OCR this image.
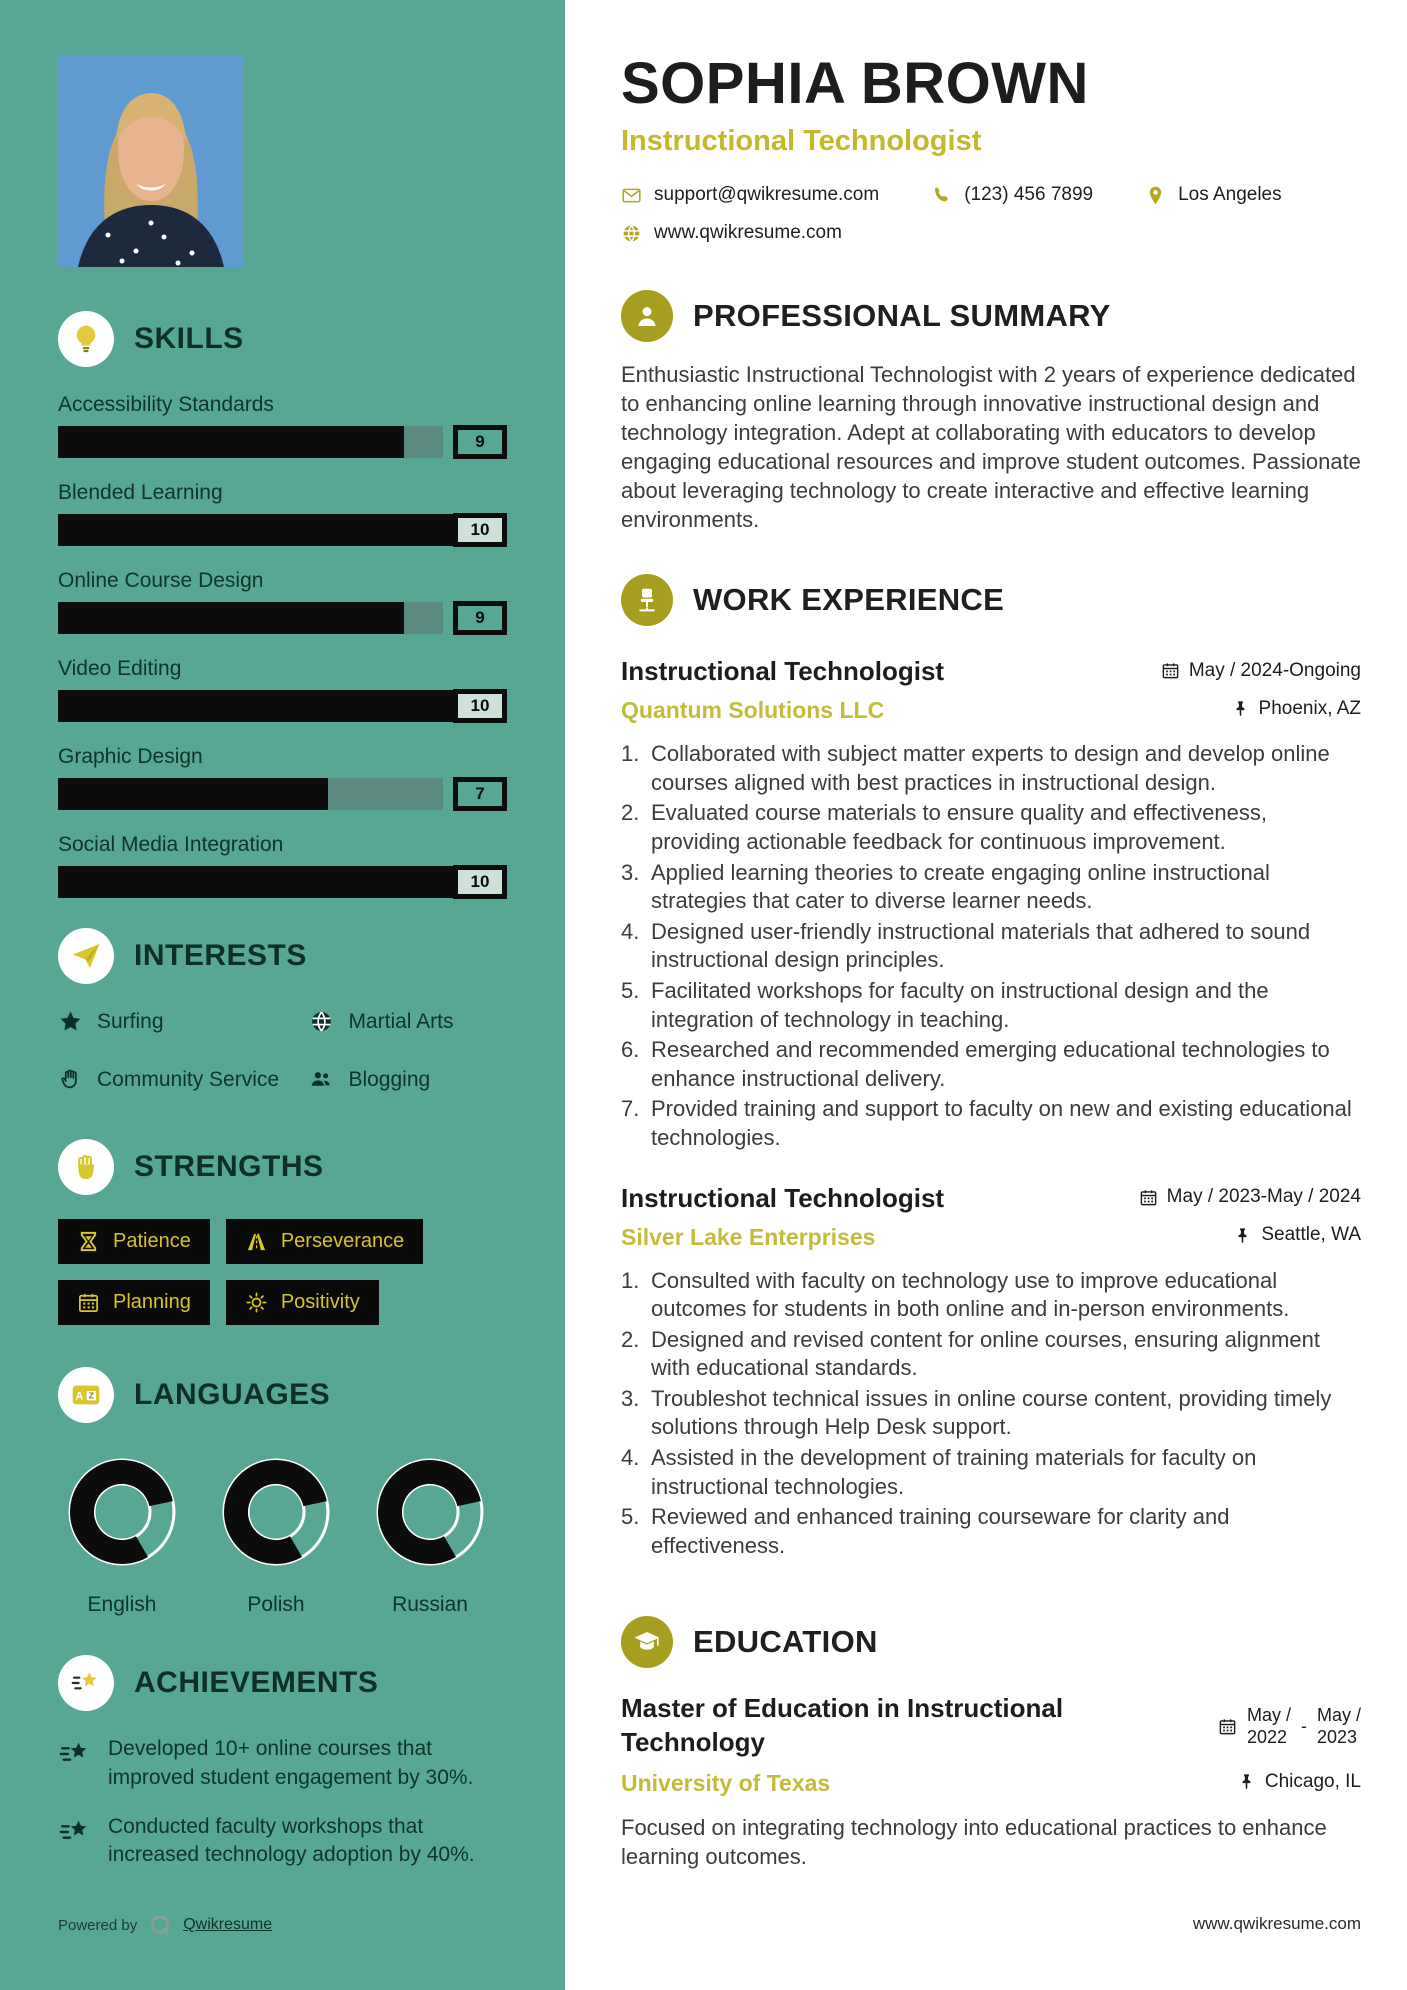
SKILLS
Accessibility Standards
9
Blended Learning
10
Online Course Design
9
Video Editing
10
Graphic Design
7
Social Media Integration
10
INTERESTS
Surfing	Martial Arts
Community Service	Blogging
STRENGTHS
Patience	Perseverance
Planning	Positivity
A Z LANGUAGES
English	Polish	Russian
ACHIEVEMENTS

Developed 10+ online courses that improved student engagement by 30%.

Conducted faculty workshops that increased technology adoption by 40%.

Powered by	Qwikresume
SOPHIA BROWN
Instructional Technologist
support@qwikresume.com	(123) 456 7899	Los Angeles
www.qwikresume.com
PROFESSIONAL SUMMARY

Enthusiastic Instructional Technologist with 2 years of experience dedicated to enhancing online learning through innovative instructional design and technology integration. Adept at collaborating with educators to develop engaging educational resources and improve student outcomes. Passionate about leveraging technology to create interactive and effective learning environments.

WORK EXPERIENCE
Instructional Technologist	May / 2024-Ongoing
Quantum Solutions LLC	Phoenix, AZ
1. Collaborated with subject matter experts to design and develop online courses aligned with best practices in instructional design.
2. Evaluated course materials to ensure quality and effectiveness, providing actionable feedback for continuous improvement.
3. Applied learning theories to create engaging online instructional strategies that cater to diverse learner needs.
4. Designed user-friendly instructional materials that adhered to sound instructional design principles.
5. Facilitated workshops for faculty on instructional design and the integration of technology in teaching.
6. Researched and recommended emerging educational technologies to enhance instructional delivery.
7. Provided training and support to faculty on new and existing educational technologies.
Instructional Technologist	May / 2023-May / 2024
Silver Lake Enterprises	Seattle, WA
1. Consulted with faculty on technology use to improve educational outcomes for students in both online and in-person environments.
2. Designed and revised content for online courses, ensuring alignment with educational standards.
3. Troubleshot technical issues in online course content, providing timely solutions through Help Desk support.
4. Assisted in the development of training materials for faculty on instructional technologies.
5. Reviewed and enhanced training courseware for clarity and effectiveness.
EDUCATION
Master of Education in Instructional Technology
May /
2022
-
May /
2023
University of Texas	Chicago, IL

Focused on integrating technology into educational practices to enhance learning outcomes.

www.qwikresume.com
